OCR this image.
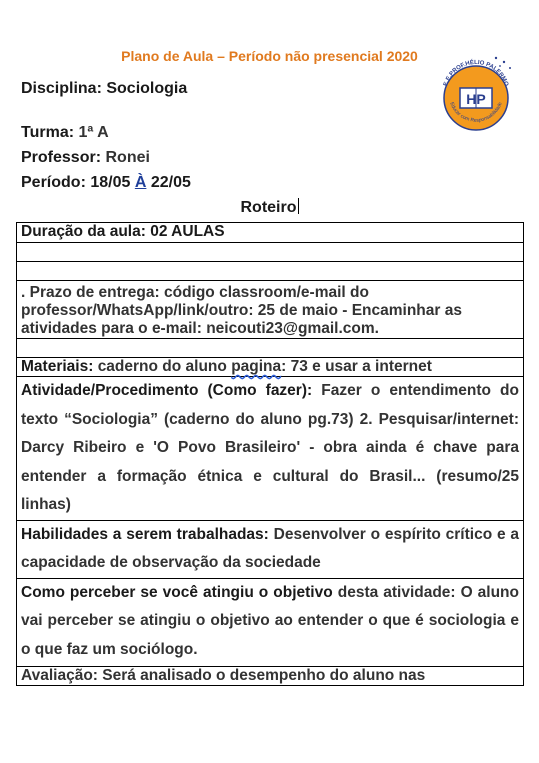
Plano de Aula – Período não presencial 2020
Disciplina: Sociologia
Turma: 1ª A
Professor: Ronei
Período: 18/05 À 22/05
Roteiro
E.E.PROF.HÉLIO PALERMO
HP
Educar com Responsabilidade
Duração da aula: 02 AULAS

. Prazo de entrega: código classroom/e-mail do professor/WhatsApp/link/outro: 25 de maio - Encaminhar as atividades para o e-mail: neicouti23@gmail.com.

Materiais: caderno do aluno pagina: 73 e usar a internet
Atividade/Procedimento (Como fazer): Fazer o entendimento do texto “Sociologia” (caderno do aluno pg.73) 2. Pesquisar/internet: Darcy Ribeiro e 'O Povo Brasileiro' - obra ainda é chave para entender a formação étnica e cultural do Brasil... (resumo/25 linhas)
Habilidades a serem trabalhadas: Desenvolver o espírito crítico e a capacidade de observação da sociedade
Como perceber se você atingiu o objetivo desta atividade: O aluno vai perceber se atingiu o objetivo ao entender o que é sociologia e o que faz um sociólogo.
Avaliação: Será analisado o desempenho do aluno nas
